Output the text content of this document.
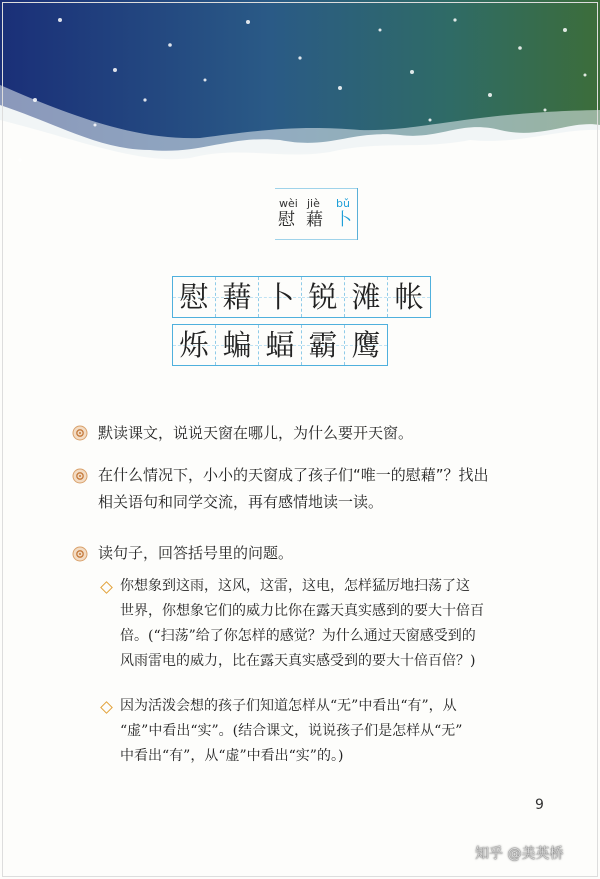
wèi jiè bǔ
慰 藉 卜
慰 藉 卜 锐 滩 帐
烁 蝙 蝠 霸 鹰
默读课文，说说天窗在哪儿，为什么要开天窗。
在什么情况下，小小的天窗成了孩子们“唯一的慰藉”？找出
相关语句和同学交流，再有感情地读一读。
读句子，回答括号里的问题。
你想象到这雨，这风，这雷，这电，怎样猛厉地扫荡了这
世界，你想象它们的威力比你在露天真实感到的要大十倍百
倍。(“扫荡”给了你怎样的感觉？为什么通过天窗感受到的
风雨雷电的威力，比在露天真实感受到的要大十倍百倍？)
因为活泼会想的孩子们知道怎样从“无”中看出“有”，从
“虚”中看出“实”。(结合课文，说说孩子们是怎样从“无”
中看出“有”，从“虚”中看出“实”的。)
9
知乎 @美英桥
